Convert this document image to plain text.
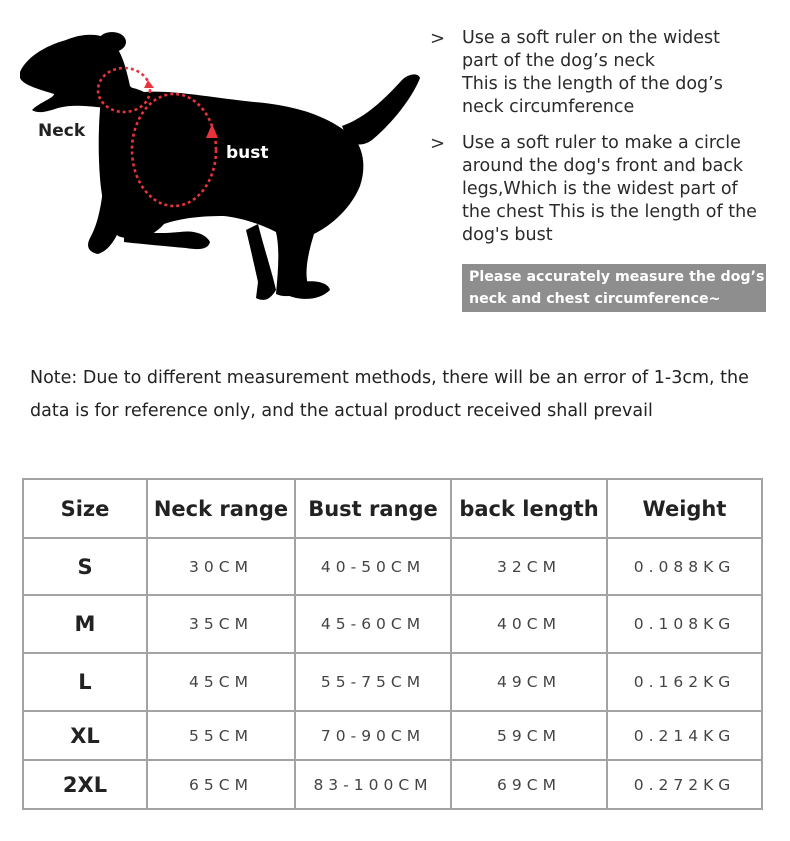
Neck
bust
> Use a soft ruler on the widest
part of the dog’s neck
This is the length of the dog’s
neck circumference
> Use a soft ruler to make a circle
around the dog's front and back
legs,Which is the widest part of
the chest This is the length of the
dog's bust
Please accurately measure the dog’s
neck and chest circumference~
Note: Due to different measurement methods, there will be an error of 1-3cm, the
data is for reference only, and the actual product received shall prevail
Size	Neck range	Bust range	back length	Weight
S	30CM	40-50CM	32CM	0.088KG
M	35CM	45-60CM	40CM	0.108KG
L	45CM	55-75CM	49CM	0.162KG
XL	55CM	70-90CM	59CM	0.214KG
2XL	65CM	83-100CM	69CM	0.272KG
